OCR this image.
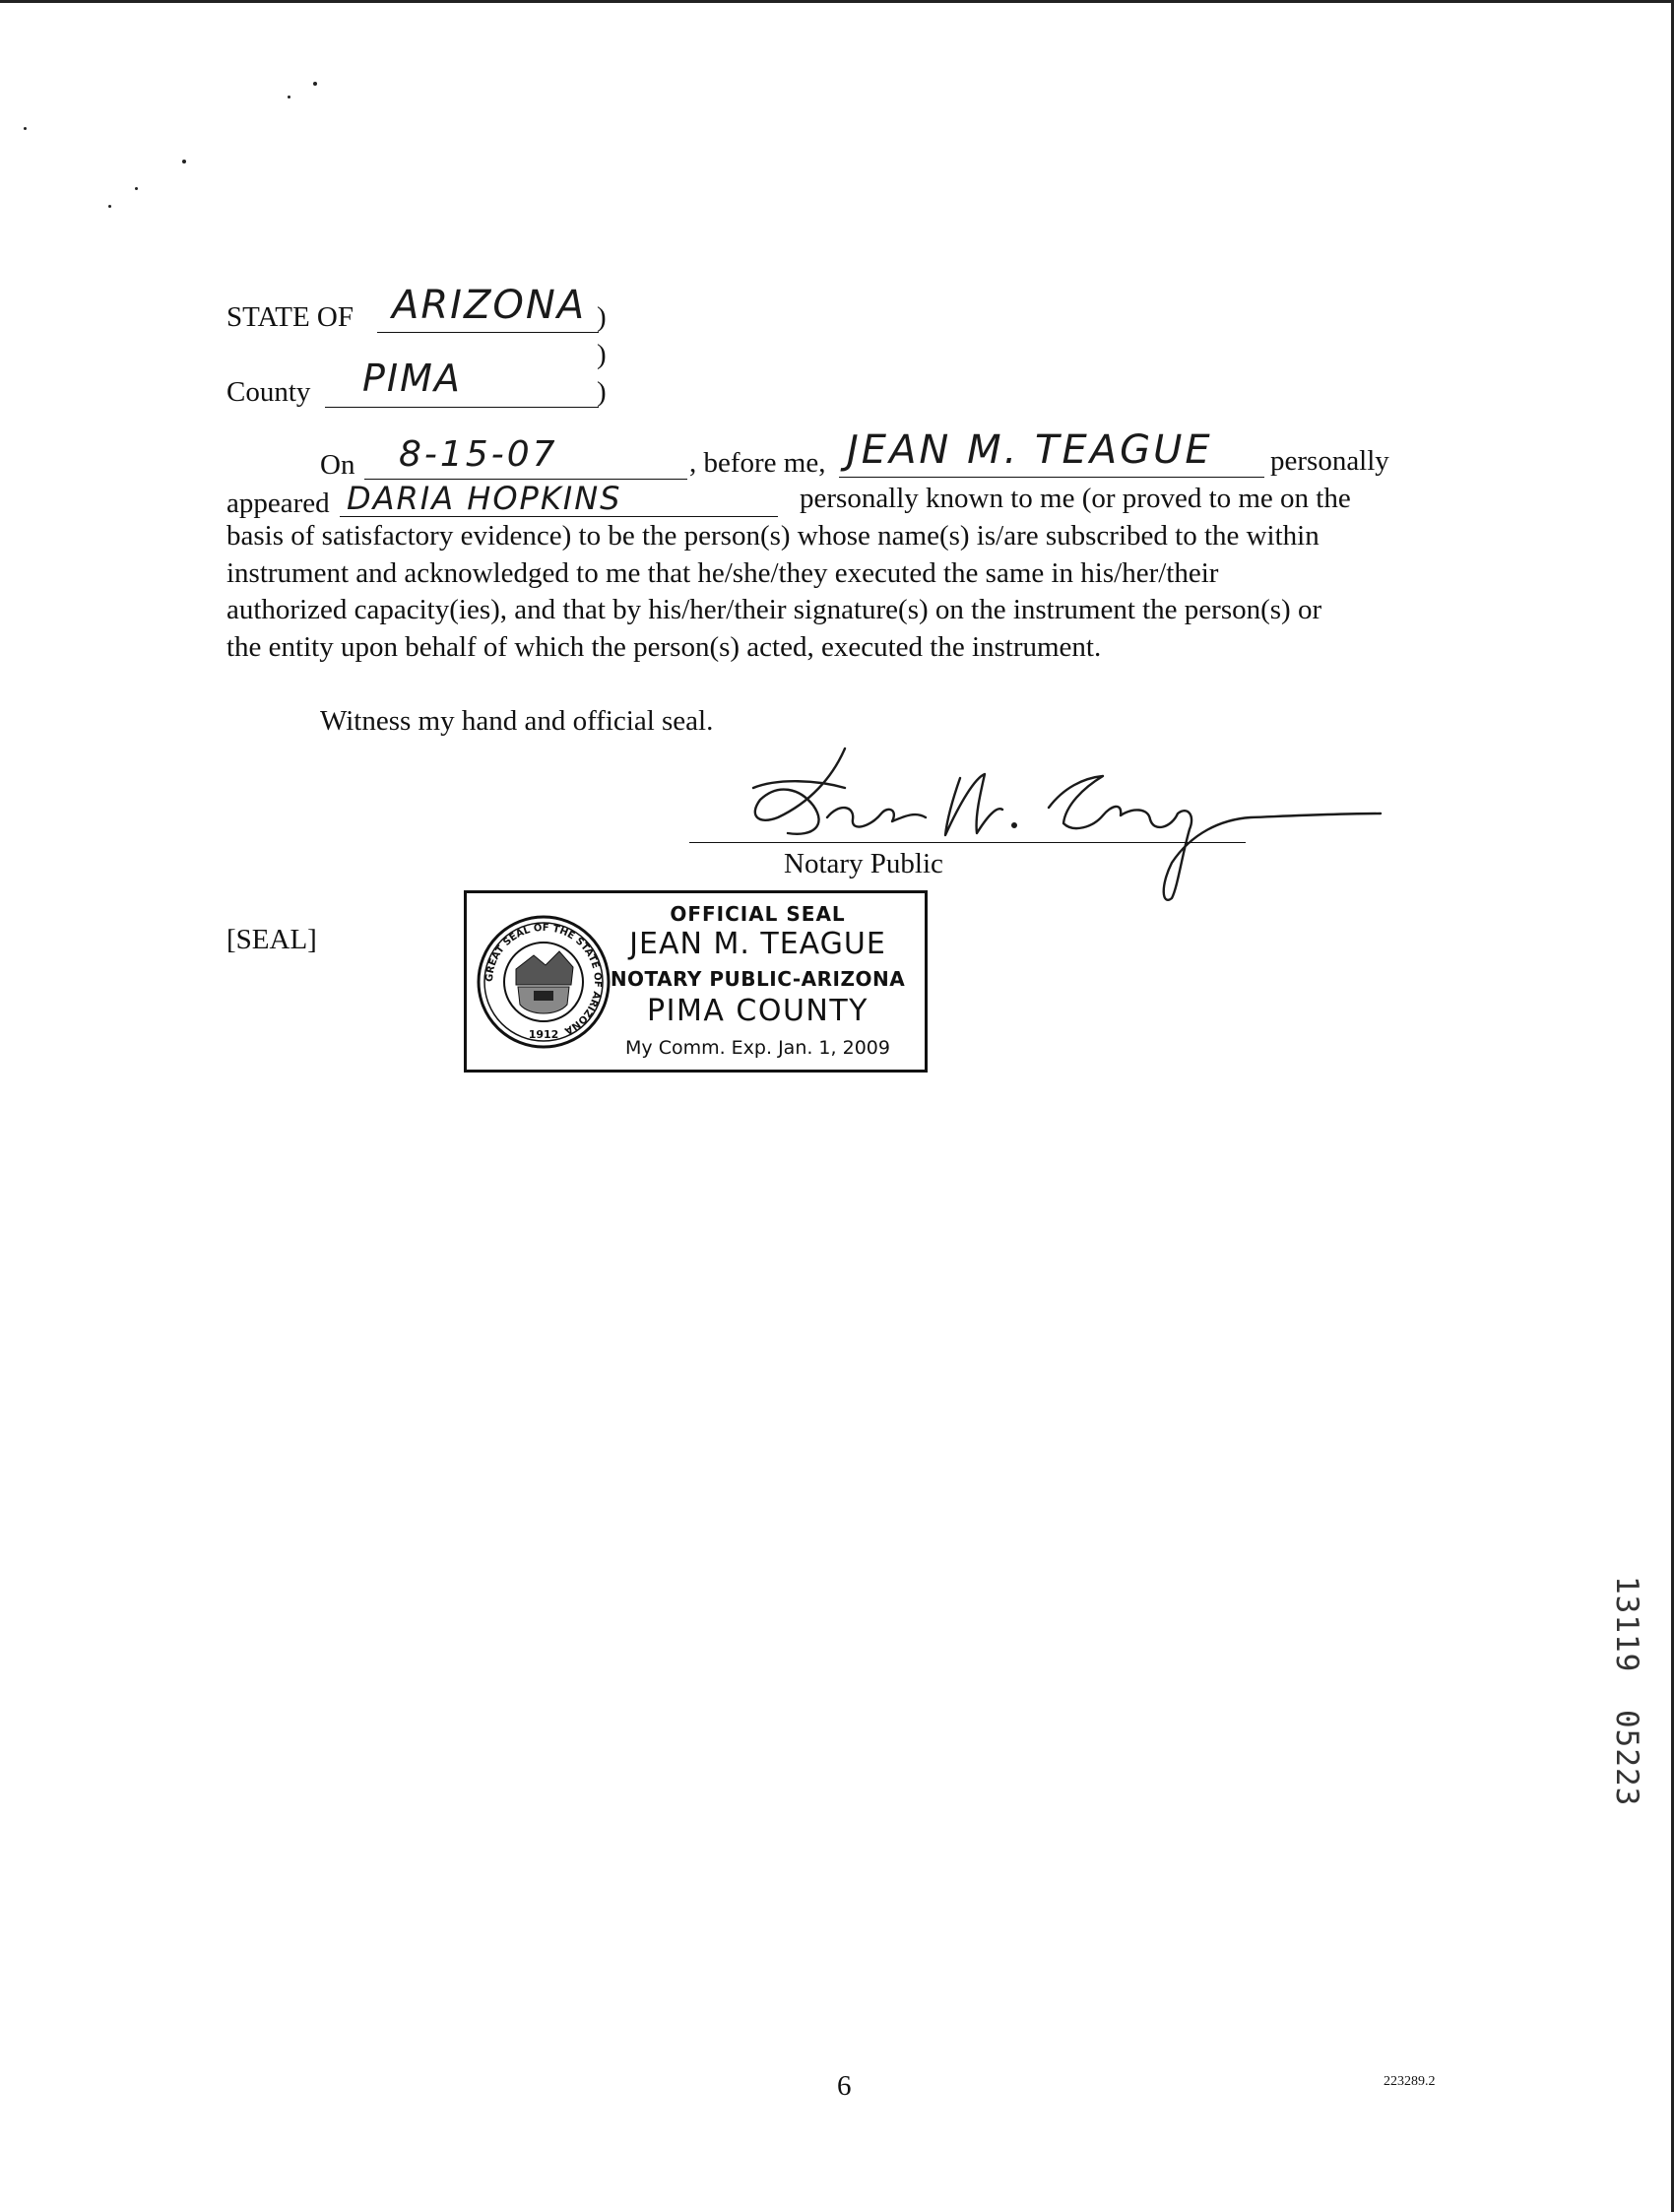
STATE OF ARIZONA )
)
County PIMA	)
On 8-15-07	, before me, JEAN M. TEAGUE personally
appeared DARIA HOPKINS	personally known to me (or proved to me on the
basis of satisfactory evidence) to be the person(s) whose name(s) is/are subscribed to the within
instrument and acknowledged to me that he/she/they executed the same in his/her/their
authorized capacity(ies), and that by his/her/their signature(s) on the instrument the person(s) or
the entity upon behalf of which the person(s) acted, executed the instrument.
Witness my hand and official seal.
Notary Public
[SEAL]
GREAT SEAL OF THE STATE OF ARIZONA
1912
OFFICIAL SEAL
JEAN M. TEAGUE
NOTARY PUBLIC-ARIZONA
PIMA COUNTY
My Comm. Exp. Jan. 1, 2009
13119
05223
6	223289.2
